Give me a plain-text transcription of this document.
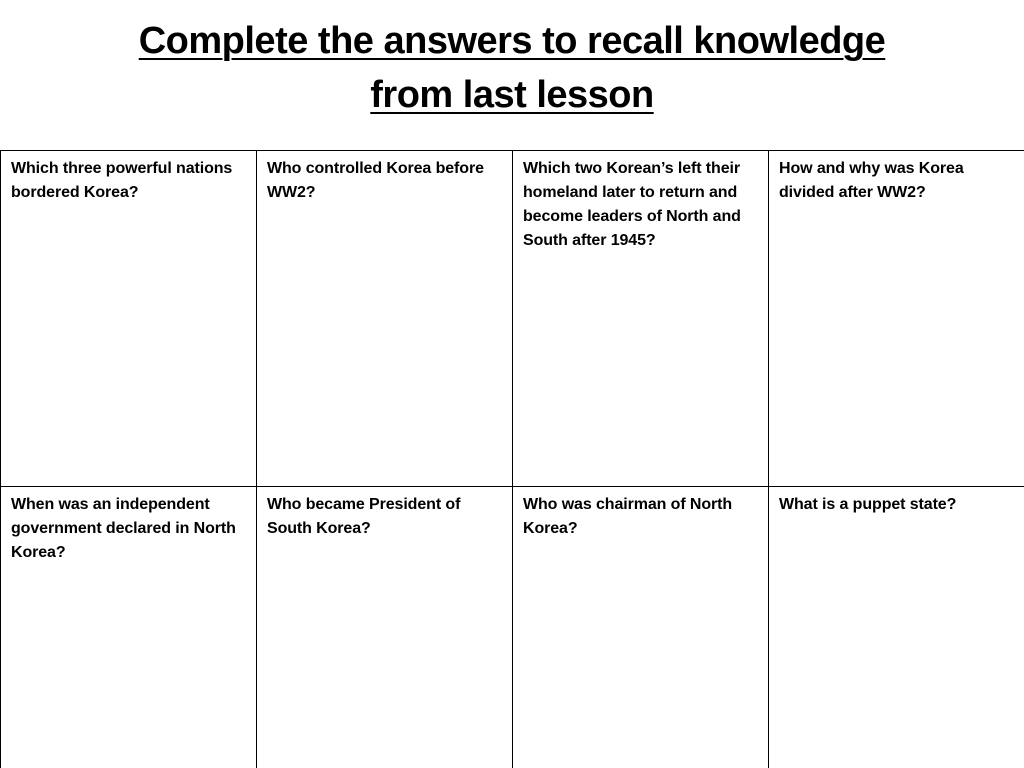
Complete the answers to recall knowledge
from last lesson
Which three powerful nations bordered Korea?
Who controlled Korea before WW2?
Which two Korean’s left their homeland later to return and become leaders of North and South after 1945?
How and why was Korea divided after WW2?
When was an independent government declared in North Korea?
Who became President of South Korea?
Who was chairman of North Korea?
What is a puppet state?
